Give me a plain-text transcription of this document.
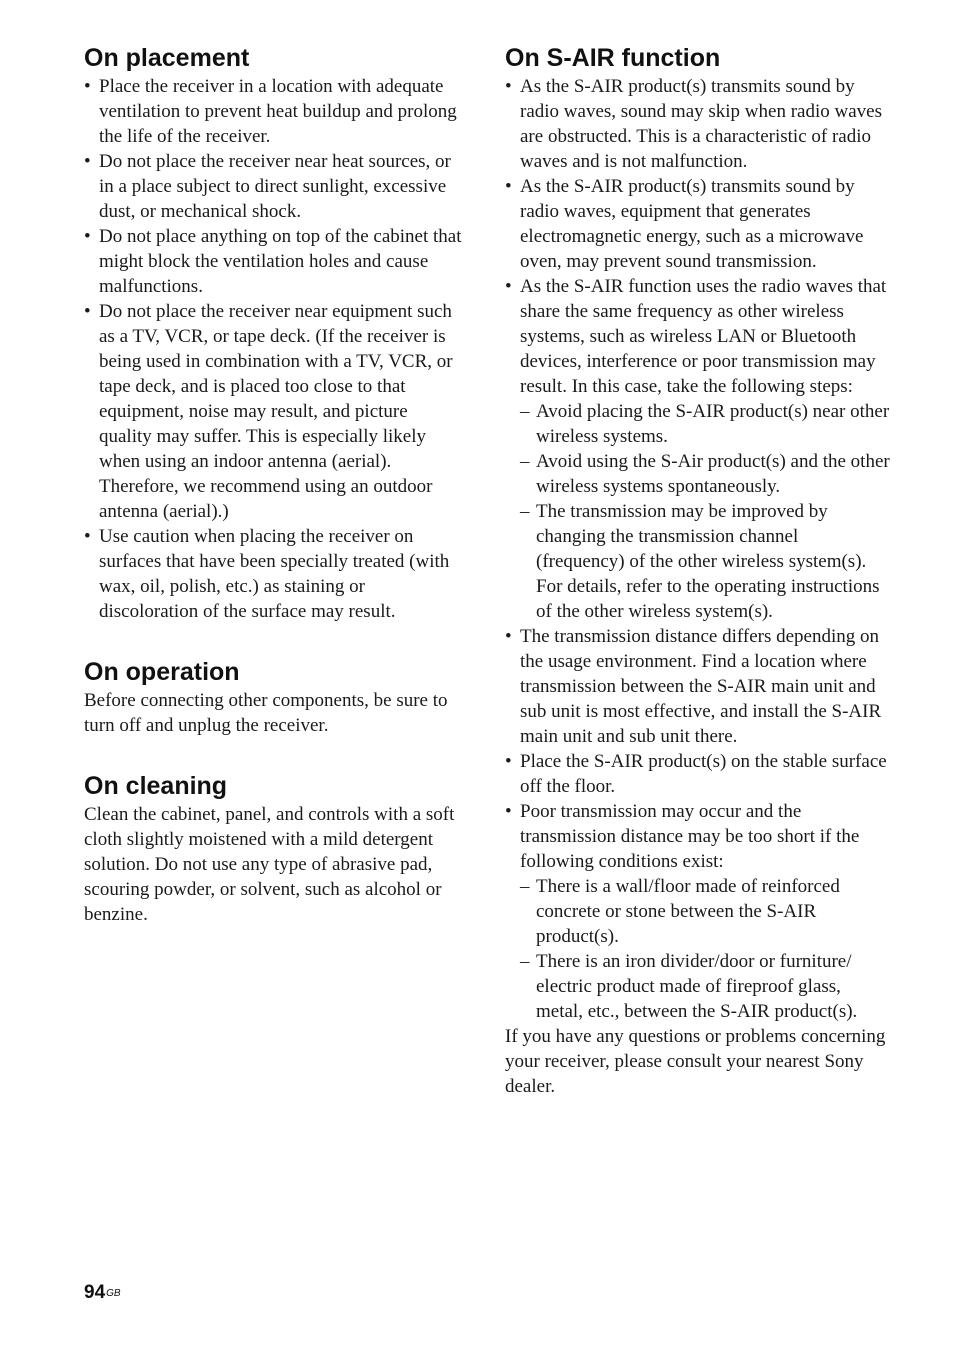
On placement
• Place the receiver in a location with adequate ventilation to prevent heat buildup and prolong the life of the receiver.
• Do not place the receiver near heat sources, or in a place subject to direct sunlight, excessive dust, or mechanical shock.
• Do not place anything on top of the cabinet that might block the ventilation holes and cause malfunctions.
• Do not place the receiver near equipment such as a TV, VCR, or tape deck. (If the receiver is being used in combination with a TV, VCR, or tape deck, and is placed too close to that equipment, noise may result, and picture quality may suffer. This is especially likely when using an indoor antenna (aerial). Therefore, we recommend using an outdoor antenna (aerial).)
• Use caution when placing the receiver on surfaces that have been specially treated (with wax, oil, polish, etc.) as staining or discoloration of the surface may result.
On operation

Before connecting other components, be sure to turn off and unplug the receiver.

On cleaning

Clean the cabinet, panel, and controls with a soft cloth slightly moistened with a mild detergent solution. Do not use any type of abrasive pad, scouring powder, or solvent, such as alcohol or benzine.

On S-AIR function
• As the S-AIR product(s) transmits sound by radio waves, sound may skip when radio waves are obstructed. This is a characteristic of radio waves and is not malfunction.
• As the S-AIR product(s) transmits sound by radio waves, equipment that generates electromagnetic energy, such as a microwave oven, may prevent sound transmission.
• As the S-AIR function uses the radio waves that share the same frequency as other wireless systems, such as wireless LAN or Bluetooth devices, interference or poor transmission may result. In this case, take the following steps:
– Avoid placing the S-AIR product(s) near other wireless systems.
– Avoid using the S-Air product(s) and the other wireless systems spontaneously.
– The transmission may be improved by changing the transmission channel (frequency) of the other wireless system(s). For details, refer to the operating instructions of the other wireless system(s).
• The transmission distance differs depending on the usage environment. Find a location where transmission between the S-AIR main unit and sub unit is most effective, and install the S-AIR main unit and sub unit there.
• Place the S-AIR product(s) on the stable surface off the floor.
• Poor transmission may occur and the transmission distance may be too short if the following conditions exist:
– There is a wall/floor made of reinforced concrete or stone between the S-AIR product(s).
– There is an iron divider/door or furniture/ electric product made of fireproof glass, metal, etc., between the S-AIR product(s).

If you have any questions or problems concerning your receiver, please consult your nearest Sony dealer.

$94^{GB}$
